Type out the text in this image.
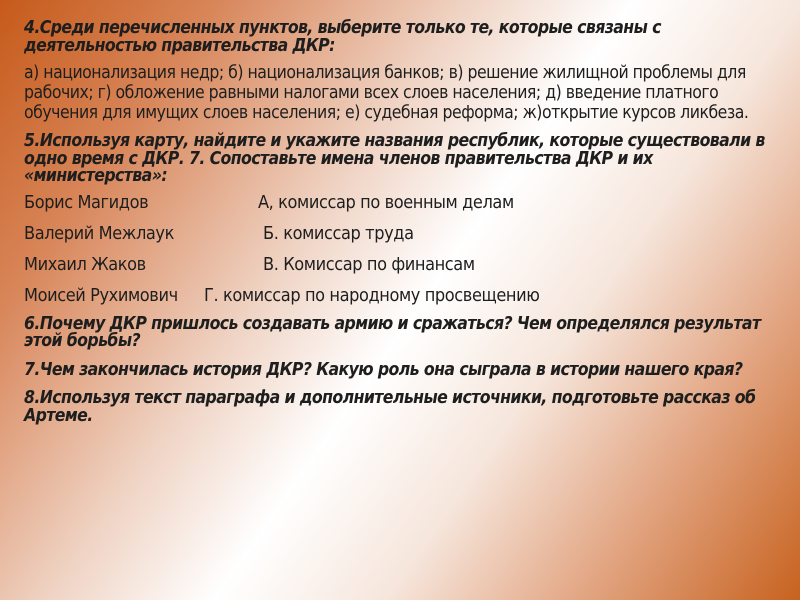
4.Среди перечисленных пунктов, выберите только те, которые связаны с деятельностью правительства ДКР:

а) национализация недр; б) национализация банков; в) решение жилищной проблемы для рабочих; г) обложение равными налогами всех слоев населения; д) введение платного обучения для имущих слоев населения; е) судебная реформа; ж)открытие курсов ликбеза.

5.Используя карту, найдите и укажите названия республик, которые существовали в одно время с ДКР. 7. Сопоставьте имена членов правительства ДКР и их «министерства»:

Борис Магидов	А, комиссар по военным делам
Валерий Межлаук	Б. комиссар труда
Михаил Жаков	В. Комиссар по финансам
Моисей Рухимович	Г. комиссар по народному просвещению

6.Почему ДКР пришлось создавать армию и сражаться? Чем определялся результат этой борьбы?

7.Чем закончилась история ДКР? Какую роль она сыграла в истории нашего края?

8.Используя текст параграфа и дополнительные источники, подготовьте рассказ об Артеме.
